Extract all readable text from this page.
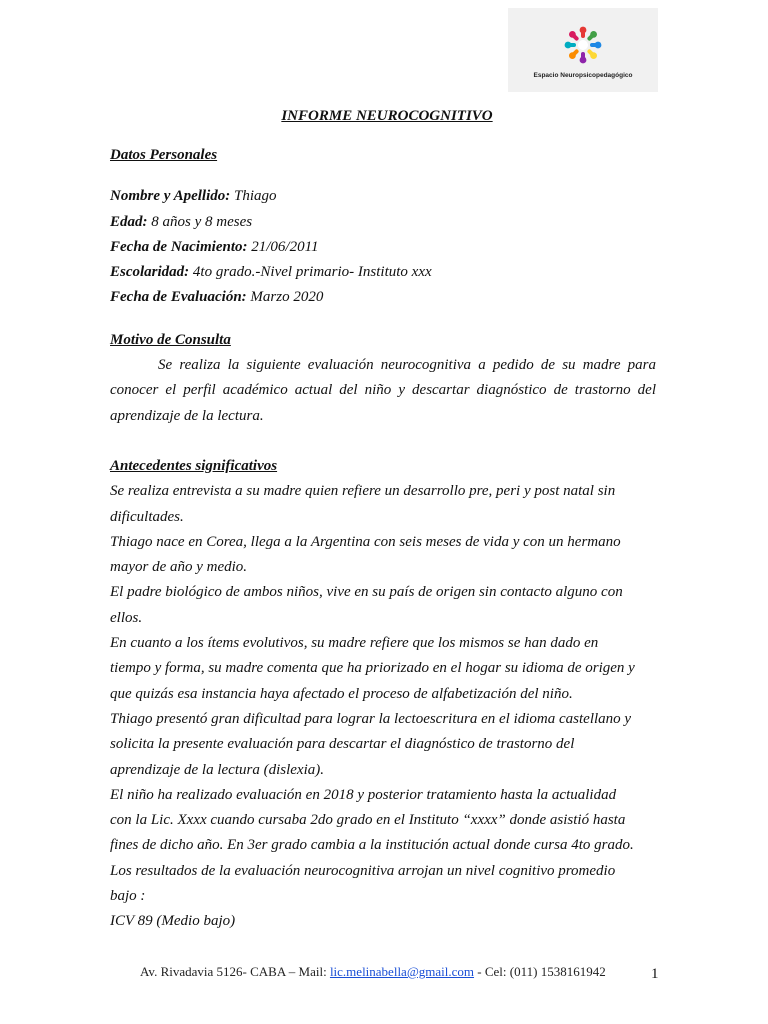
Espacio Neuropsicopedagógico
INFORME NEUROCOGNITIVO
Datos Personales

Nombre y Apellido: Thiago

Edad: 8 años y 8 meses

Fecha de Nacimiento: 21/06/2011

Escolaridad: 4to grado.-Nivel primario- Instituto xxx

Fecha de Evaluación: Marzo 2020

Motivo de Consulta

Se realiza la siguiente evaluación neurocognitiva a pedido de su madre para conocer el perfil académico actual del niño y descartar diagnóstico de trastorno del aprendizaje de la lectura.

Antecedentes significativos

Se realiza entrevista a su madre quien refiere un desarrollo pre, peri y post natal sin

dificultades.

Thiago nace en Corea, llega a la Argentina con seis meses de vida y con un hermano

mayor de año y medio.

El padre biológico de ambos niños, vive en su país de origen sin contacto alguno con

ellos.

En cuanto a los ítems evolutivos, su madre refiere que los mismos se han dado en

tiempo y forma, su madre comenta que ha priorizado en el hogar su idioma de origen y

que quizás esa instancia haya afectado el proceso de alfabetización del niño.

Thiago presentó gran dificultad para lograr la lectoescritura en el idioma castellano y

solicita la presente evaluación para descartar el diagnóstico de trastorno del

aprendizaje de la lectura (dislexia).

El niño ha realizado evaluación en 2018 y posterior tratamiento hasta la actualidad

con la Lic. Xxxx cuando cursaba 2do grado en el Instituto “xxxx” donde asistió hasta

fines de dicho año. En 3er grado cambia a la institución actual donde cursa 4to grado.

Los resultados de la evaluación neurocognitiva arrojan un nivel cognitivo promedio

bajo :

ICV 89 (Medio bajo)

Av. Rivadavia 5126- CABA – Mail: lic.melinabella@gmail.com - Cel: (011) 1538161942	1
